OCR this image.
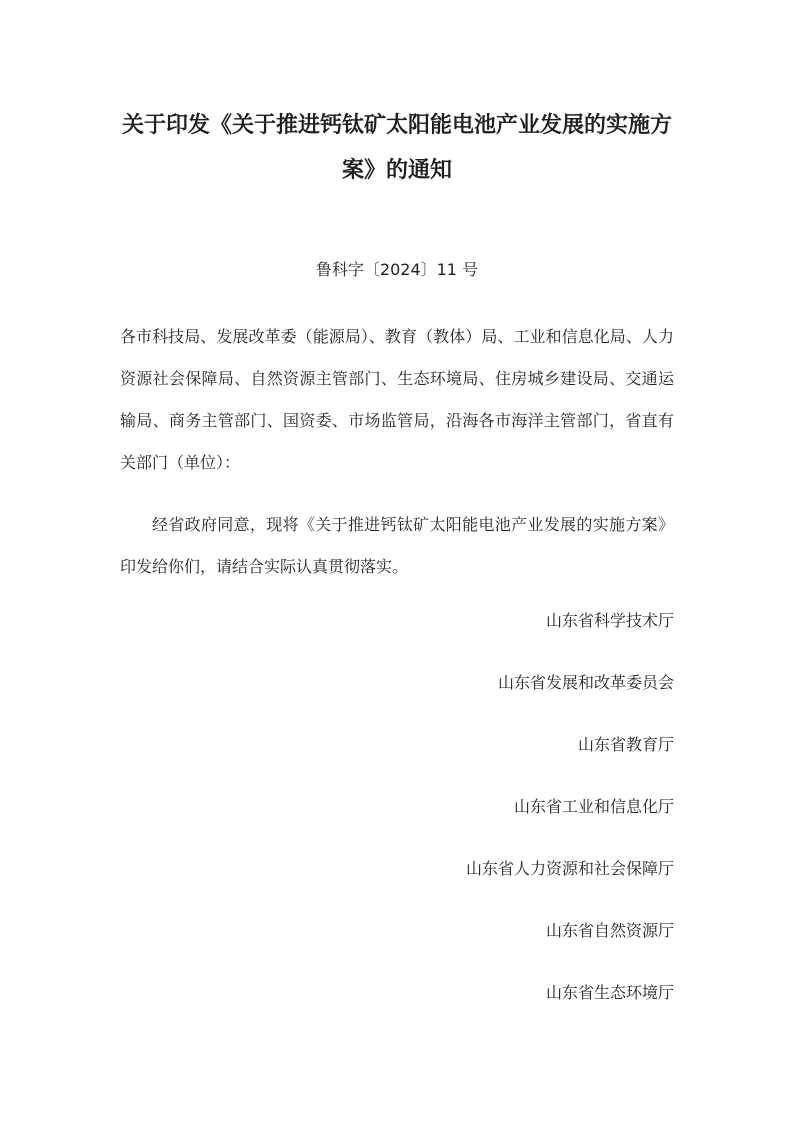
关于印发《关于推进钙钛矿太阳能电池产业发展的实施方案》的通知

鲁科字〔2024〕11 号

各市科技局、发展改革委（能源局）、教育（教体）局、工业和信息化局、人力资源社会保障局、自然资源主管部门、生态环境局、住房城乡建设局、交通运输局、商务主管部门、国资委、市场监管局，沿海各市海洋主管部门，省直有关部门（单位）：

经省政府同意，现将《关于推进钙钛矿太阳能电池产业发展的实施方案》印发给你们，请结合实际认真贯彻落实。

山东省科学技术厅
山东省发展和改革委员会
山东省教育厅
山东省工业和信息化厅
山东省人力资源和社会保障厅
山东省自然资源厅
山东省生态环境厅
